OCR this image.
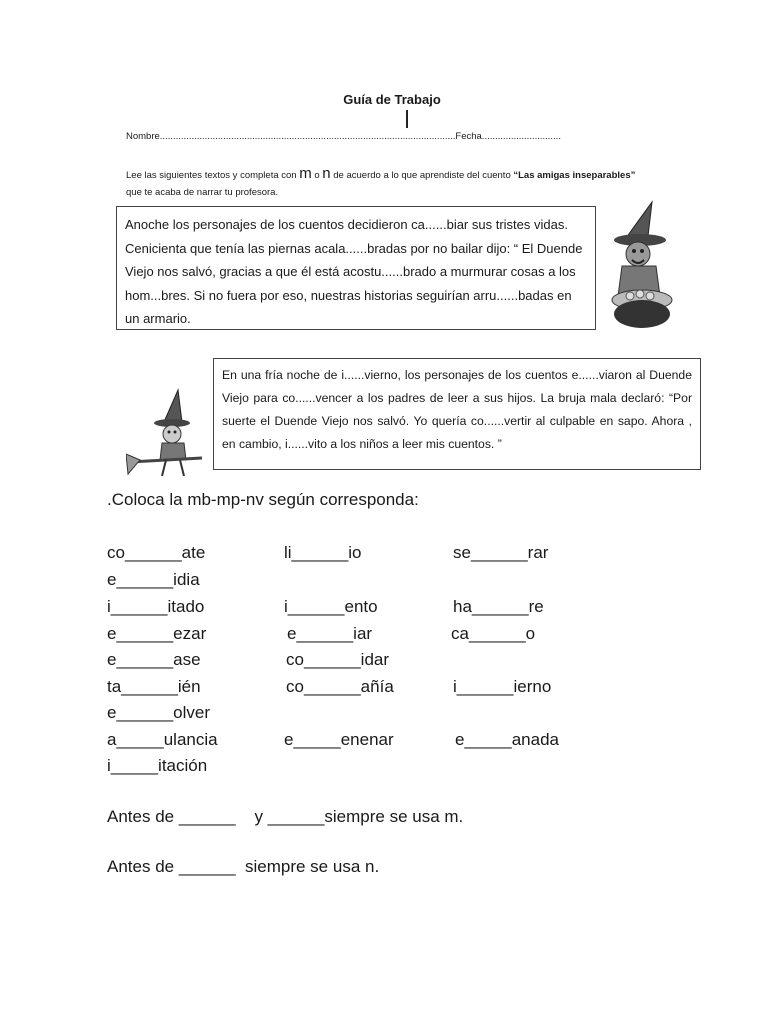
Guía de Trabajo
Nombre................................................................................................................Fecha..............................
Lee las siguientes textos y completa con m o n de acuerdo a lo que aprendiste del cuento “Las amigas inseparables”
que te acaba de narrar tu profesora.
Anoche los personajes de los cuentos decidieron ca......biar sus tristes vidas. Cenicienta que tenía las piernas acala......bradas por no bailar dijo: “ El Duende Viejo nos salvó, gracias a que él está acostu......brado a murmurar cosas a los hom...bres. Si no fuera por eso, nuestras historias seguirían arru......badas en un armario.
En una fría noche de i......vierno, los personajes de los cuentos e......viaron al Duende Viejo para co......vencer a los padres de leer a sus hijos. La bruja mala declaró: “Por suerte el Duende Viejo nos salvó. Yo quería co......vertir al culpable en sapo. Ahora , en cambio, i......vito a los niños a leer mis cuentos. ”
.Coloca la mb-mp-nv según corresponda:
co______ate	li______io	se______rar
e______idia
i______itado	i______ento	ha______re
e______ezar	e______iar	ca______o
e______ase	co______idar
ta______ién	co______añía	i______ierno
e______olver
a_____ulancia	e_____enenar	e_____anada
i_____itación
Antes de ______    y ______siempre se usa m.
Antes de ______  siempre se usa n.
